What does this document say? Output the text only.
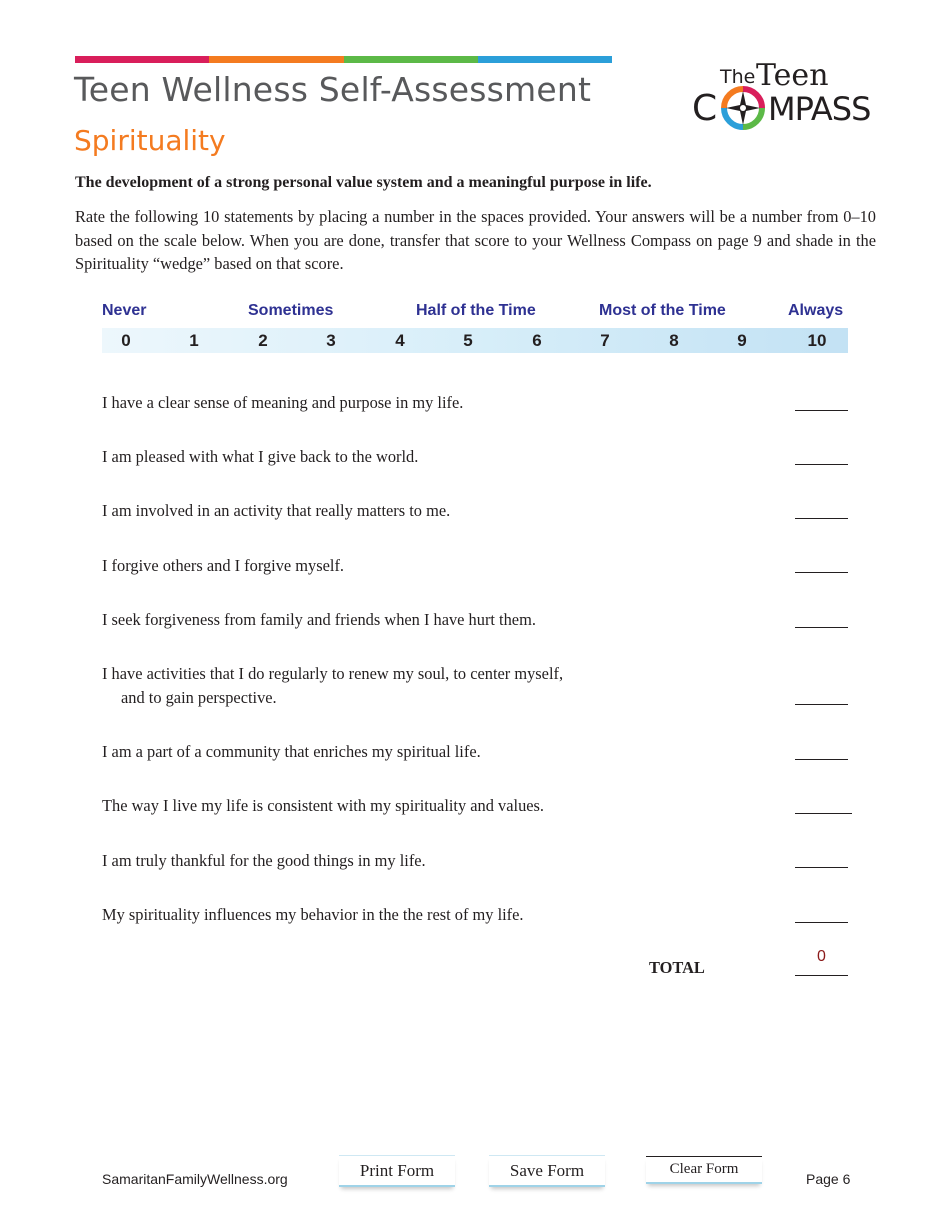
Teen Wellness Self-Assessment
Spirituality
The Teen
C MPASS
The development of a strong personal value system and a meaningful purpose in life.
Rate the following 10 statements by placing a number in the spaces provided. Your answers will be a number from 0–10 based on the scale below. When you are done, transfer that score to your Wellness Compass on page 9 and shade in the Spirituality “wedge” based on that score.
Never	Sometimes	Half of the Time	Most of the Time	Always
0	1	2	3	4	5	6	7	8	9	10
I have a clear sense of meaning and purpose in my life.
I am pleased with what I give back to the world.
I am involved in an activity that really matters to me.
I forgive others and I forgive myself.
I seek forgiveness from family and friends when I have hurt them.
I have activities that I do regularly to renew my soul, to center myself,
and to gain perspective.
I am a part of a community that enriches my spiritual life.
The way I live my life is consistent with my spirituality and values.
I am truly thankful for the good things in my life.
My spirituality influences my behavior in the the rest of my life.
TOTAL
0
SamaritanFamilyWellness.org	Print Form	Save Form	Clear Form
Page 6
